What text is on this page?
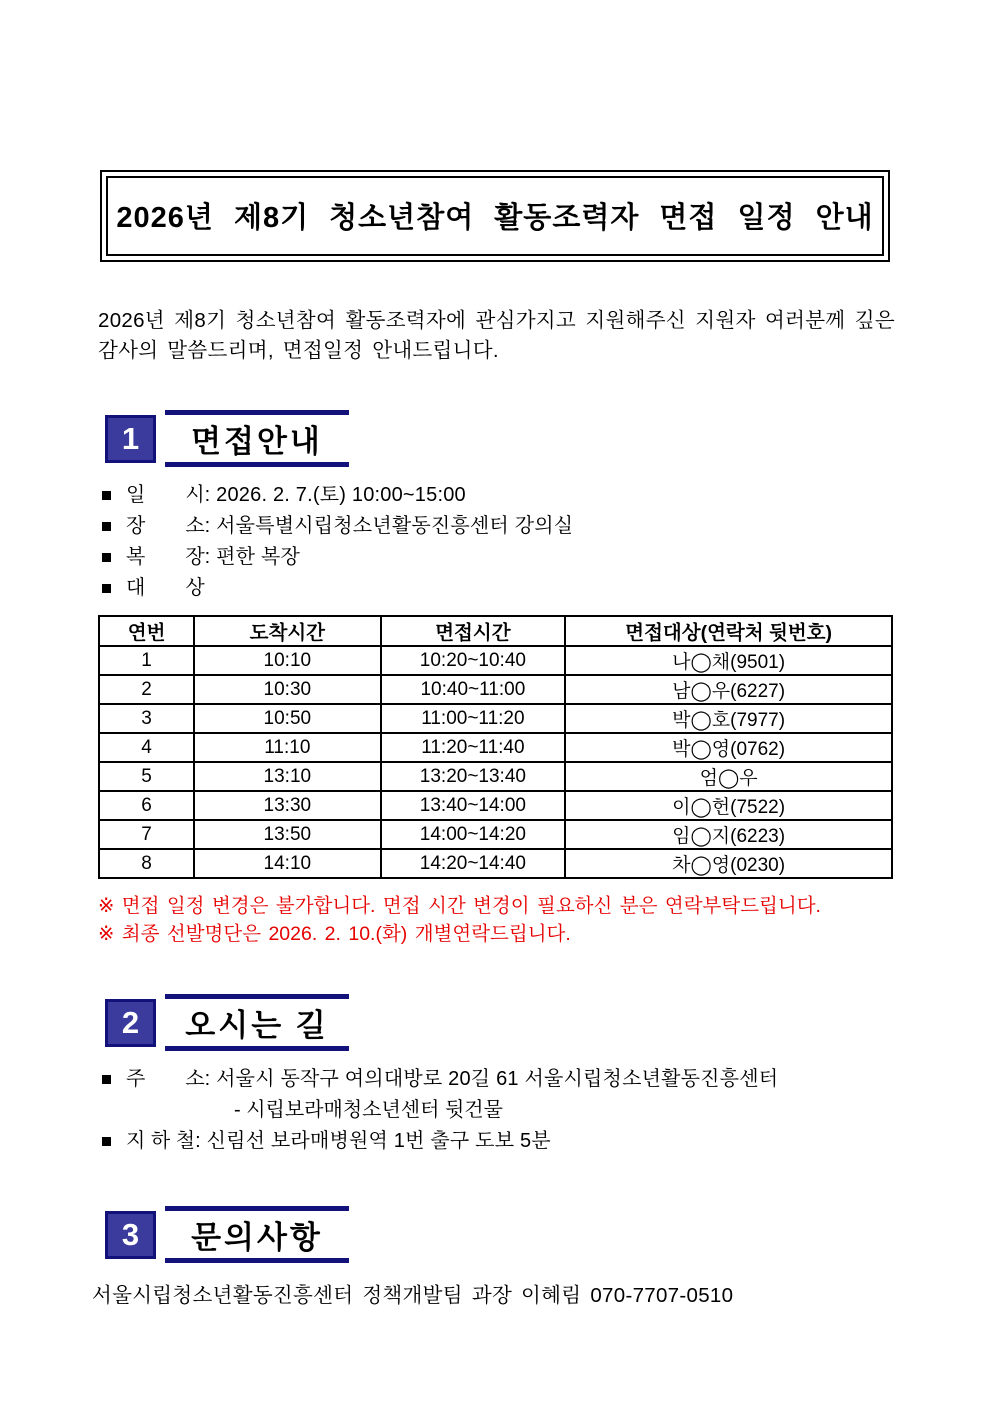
2026년 제8기 청소년참여 활동조력자 면접 일정 안내

2026년 제8기 청소년참여 활동조력자에 관심가지고 지원해주신 지원자 여러분께 깊은 감사의 말씀드리며, 면접일정 안내드립니다.

1	면접안내
일　　시 : 2026. 2. 7.(토) 10:00~15:00
장　　소 : 서울특별시립청소년활동진흥센터 강의실
복　　장 : 편한 복장
대　　상
연번	도착시간	면접시간	면접대상(연락처 뒷번호)
1	10:10	10:20~10:40	나◯채(9501)
2	10:30	10:40~11:00	남◯우(6227)
3	10:50	11:00~11:20	박◯호(7977)
4	11:10	11:20~11:40	박◯영(0762)
5	13:10	13:20~13:40	엄◯우
6	13:30	13:40~14:00	이◯헌(7522)
7	13:50	14:00~14:20	임◯지(6223)
8	14:10	14:20~14:40	차◯영(0230)
※ 면접 일정 변경은 불가합니다. 면접 시간 변경이 필요하신 분은 연락부탁드립니다.
※ 최종 선발명단은 2026. 2. 10.(화) 개별연락드립니다.
2	오시는 길
주　　소 : 서울시 동작구 여의대방로 20길 61 서울시립청소년활동진흥센터
- 시립보라매청소년센터 뒷건물
지 하 철 : 신림선 보라매병원역 1번 출구 도보 5분
3	문의사항
서울시립청소년활동진흥센터 정책개발팀 과장 이혜림 070-7707-0510
